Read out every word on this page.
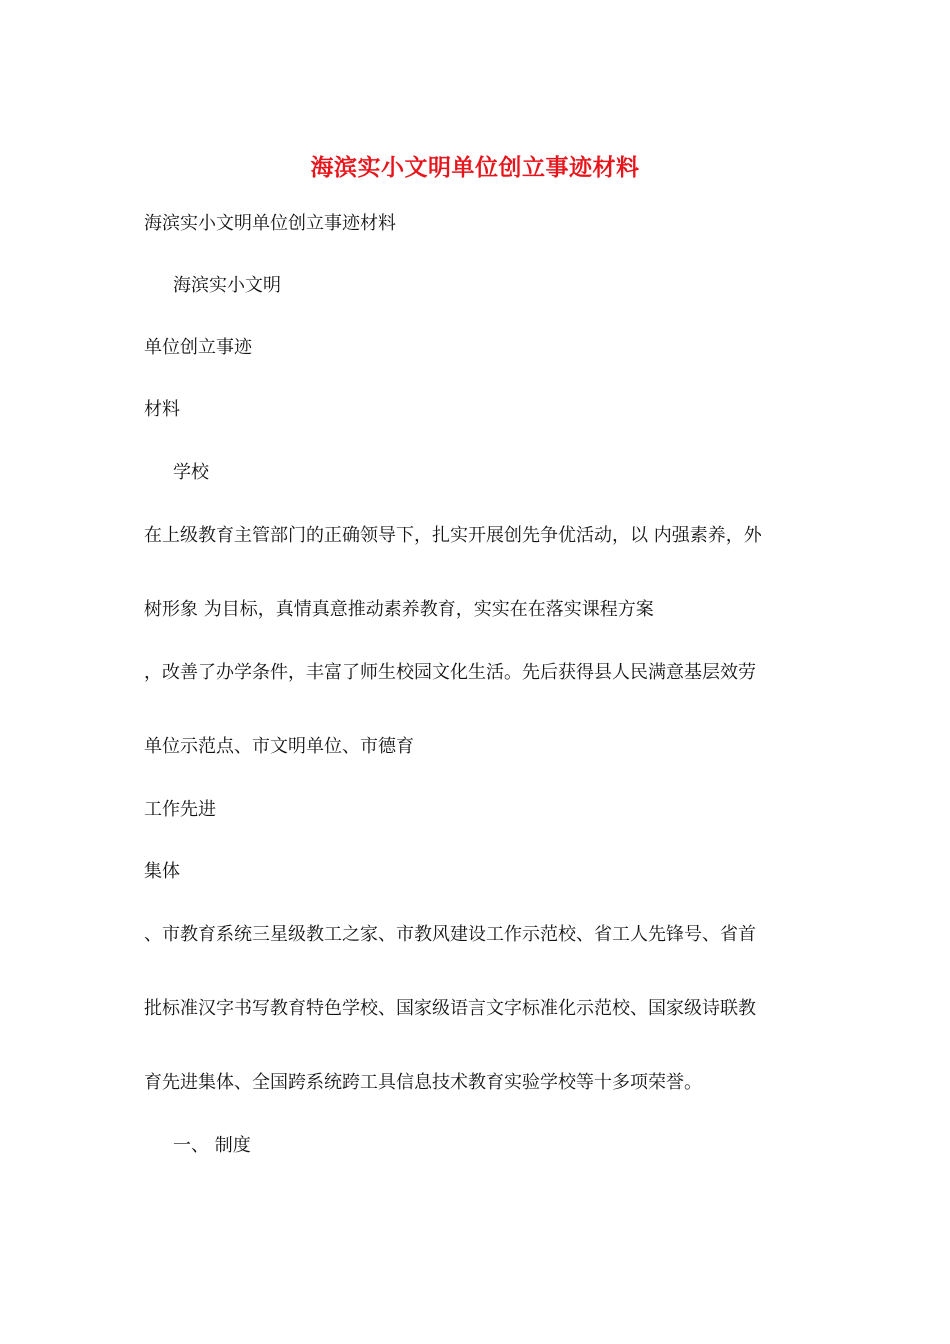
海滨实小文明单位创立事迹材料
海滨实小文明单位创立事迹材料
海滨实小文明
单位创立事迹
材料
学校
在上级教育主管部门的正确领导下，扎实开展创先争优活动，以 内强素养，外
树形象 为目标，真情真意推动素养教育，实实在在落实课程方案
，改善了办学条件，丰富了师生校园文化生活。先后获得县人民满意基层效劳
单位示范点、市文明单位、市德育
工作先进
集体
、市教育系统三星级教工之家、市教风建设工作示范校、省工人先锋号、省首
批标准汉字书写教育特色学校、国家级语言文字标准化示范校、国家级诗联教
育先进集体、全国跨系统跨工具信息技术教育实验学校等十多项荣誉。
一、 制度
